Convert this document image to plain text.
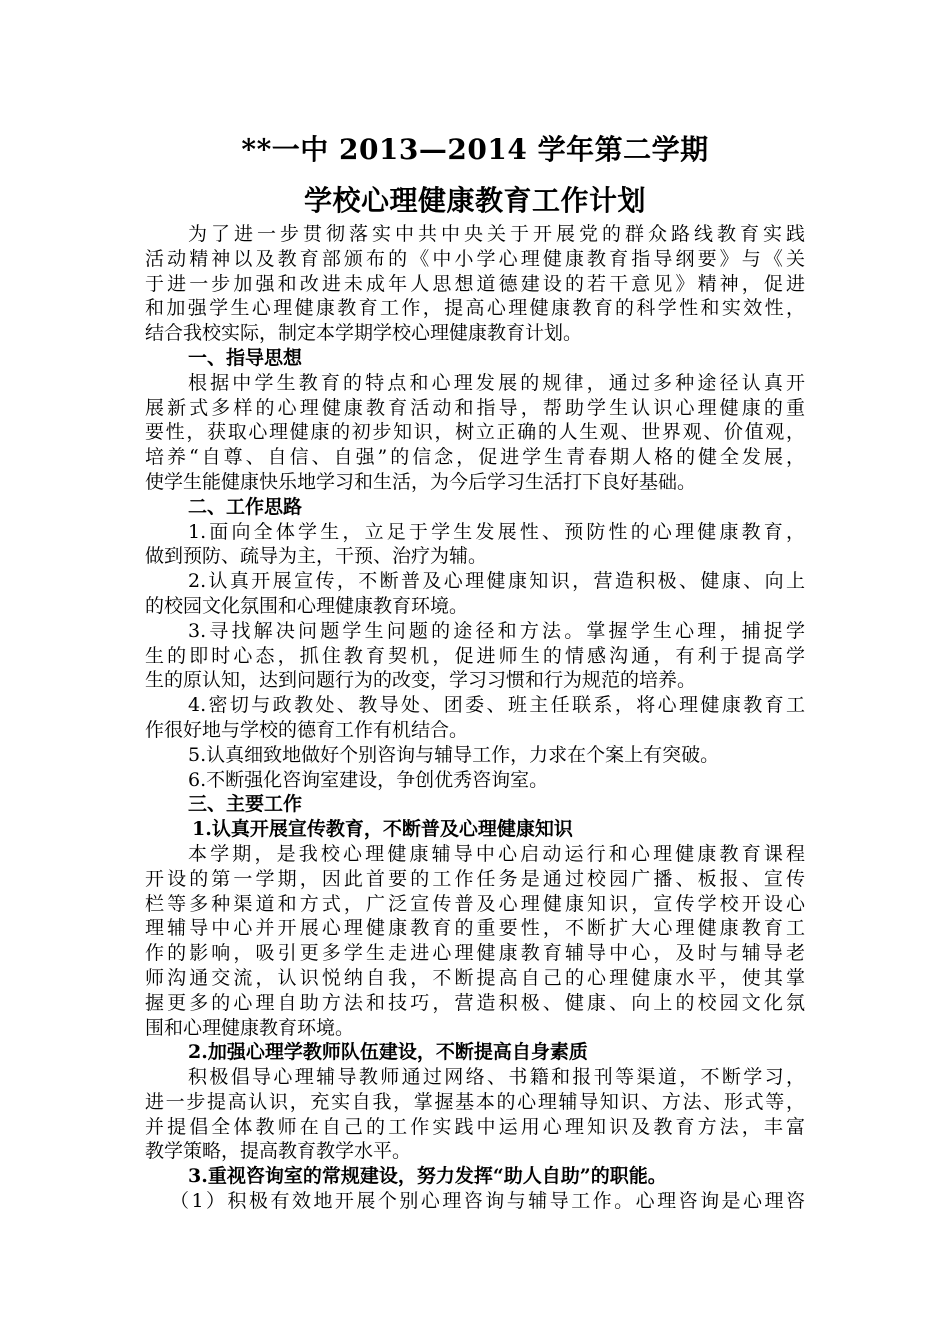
**一中 2013—2014 学年第二学期
学校心理健康教育工作计划
为了进一步贯彻落实中共中央关于开展党的群众路线教育实践
活动精神以及教育部颁布的《中小学心理健康教育指导纲要》与《关
于进一步加强和改进未成年人思想道德建设的若干意见》精神，促进
和加强学生心理健康教育工作，提高心理健康教育的科学性和实效性，
结合我校实际，制定本学期学校心理健康教育计划。
一、指导思想
根据中学生教育的特点和心理发展的规律，通过多种途径认真开
展新式多样的心理健康教育活动和指导，帮助学生认识心理健康的重
要性，获取心理健康的初步知识，树立正确的人生观、世界观、价值观，
培养“自尊、自信、自强”的信念，促进学生青春期人格的健全发展，
使学生能健康快乐地学习和生活，为今后学习生活打下良好基础。
二、工作思路
1.面向全体学生，立足于学生发展性、预防性的心理健康教育，
做到预防、疏导为主，干预、治疗为辅。
2.认真开展宣传，不断普及心理健康知识，营造积极、健康、向上
的校园文化氛围和心理健康教育环境。
3.寻找解决问题学生问题的途径和方法。掌握学生心理，捕捉学
生的即时心态，抓住教育契机，促进师生的情感沟通，有利于提高学
生的原认知，达到问题行为的改变，学习习惯和行为规范的培养。
4.密切与政教处、教导处、团委、班主任联系，将心理健康教育工
作很好地与学校的德育工作有机结合。
5.认真细致地做好个别咨询与辅导工作，力求在个案上有突破。
6.不断强化咨询室建设，争创优秀咨询室。
三、主要工作
1.认真开展宣传教育，不断普及心理健康知识
本学期，是我校心理健康辅导中心启动运行和心理健康教育课程
开设的第一学期，因此首要的工作任务是通过校园广播、板报、宣传
栏等多种渠道和方式，广泛宣传普及心理健康知识，宣传学校开设心
理辅导中心并开展心理健康教育的重要性，不断扩大心理健康教育工
作的影响，吸引更多学生走进心理健康教育辅导中心，及时与辅导老
师沟通交流，认识悦纳自我，不断提高自己的心理健康水平，使其掌
握更多的心理自助方法和技巧，营造积极、健康、向上的校园文化氛
围和心理健康教育环境。
2.加强心理学教师队伍建设，不断提高自身素质
积极倡导心理辅导教师通过网络、书籍和报刊等渠道，不断学习，
进一步提高认识，充实自我，掌握基本的心理辅导知识、方法、形式等，
并提倡全体教师在自己的工作实践中运用心理知识及教育方法，丰富
教学策略，提高教育教学水平。
3.重视咨询室的常规建设，努力发挥“助人自助”的职能。
（1）积极有效地开展个别心理咨询与辅导工作。心理咨询是心理咨
